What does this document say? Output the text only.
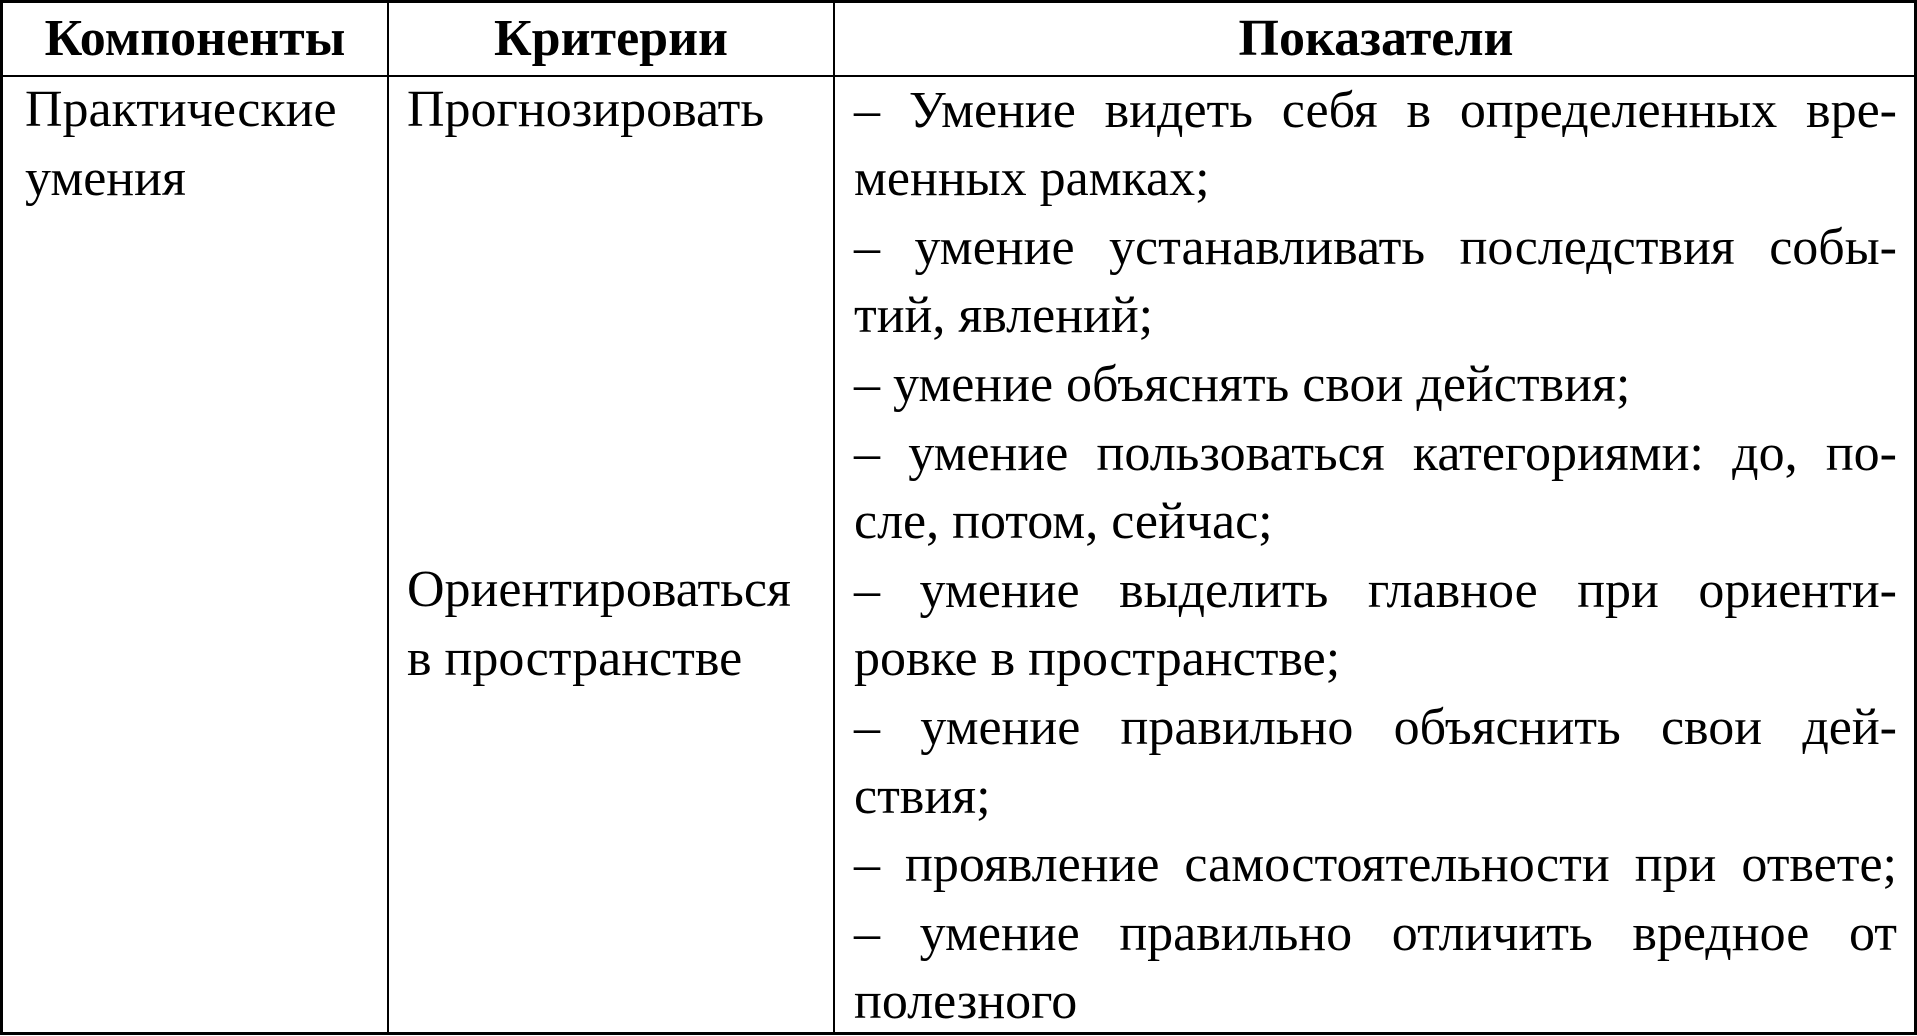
Компоненты	Критерии	Показатели
Практические
умения
Прогнозировать
Ориентироваться
в пространстве
– Умение видеть себя в определенных вре-
менных рамках;
– умение устанавливать последствия собы-
тий, явлений;
– умение объяснять свои действия;
– умение пользоваться категориями: до, по-
сле, потом, сейчас;
– умение выделить главное при ориенти-
ровке в пространстве;
– умение правильно объяснить свои дей-
ствия;
– проявление самостоятельности при ответе;
– умение правильно отличить вредное от
полезного
